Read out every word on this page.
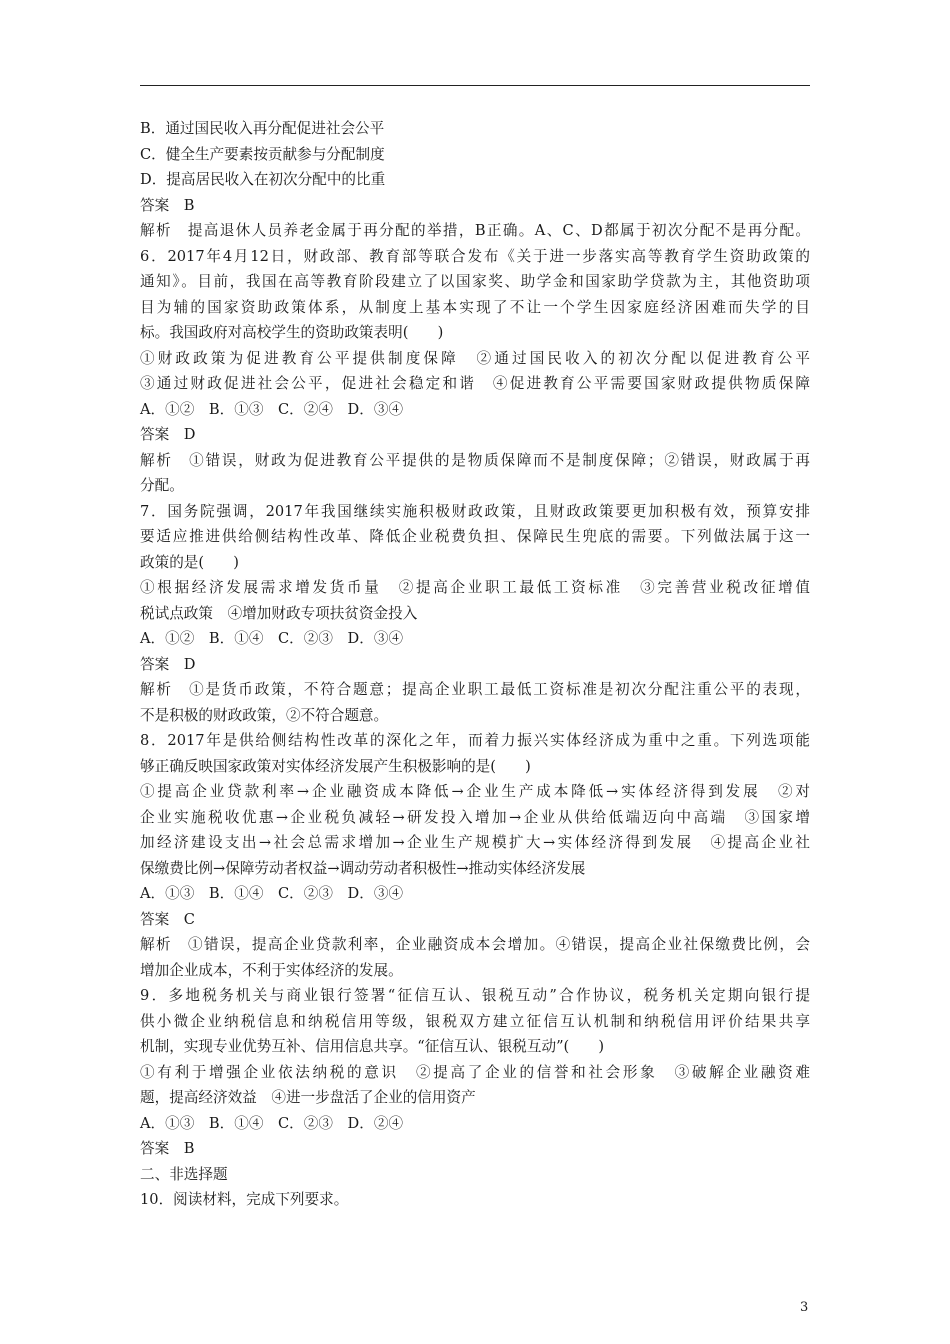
B．通过国民收入再分配促进社会公平
C．健全生产要素按贡献参与分配制度
D．提高居民收入在初次分配中的比重
答案　B
解析　提高退休人员养老金属于再分配的举措，B正确。A、C、D都属于初次分配不是再分配。
6．2017年4月12日，财政部、教育部等联合发布《关于进一步落实高等教育学生资助政策的
通知》。目前，我国在高等教育阶段建立了以国家奖、助学金和国家助学贷款为主，其他资助项
目为辅的国家资助政策体系，从制度上基本实现了不让一个学生因家庭经济困难而失学的目
标。我国政府对高校学生的资助政策表明(　　)
①财政政策为促进教育公平提供制度保障　②通过国民收入的初次分配以促进教育公平
③通过财政促进社会公平，促进社会稳定和谐　④促进教育公平需要国家财政提供物质保障
A．①②　B．①③　C．②④　D．③④
答案　D
解析　①错误，财政为促进教育公平提供的是物质保障而不是制度保障；②错误，财政属于再
分配。
7．国务院强调，2017年我国继续实施积极财政政策，且财政政策要更加积极有效，预算安排
要适应推进供给侧结构性改革、降低企业税费负担、保障民生兜底的需要。下列做法属于这一
政策的是(　　)
①根据经济发展需求增发货币量　②提高企业职工最低工资标准　③完善营业税改征增值
税试点政策　④增加财政专项扶贫资金投入
A．①②　B．①④　C．②③　D．③④
答案　D
解析　①是货币政策，不符合题意；提高企业职工最低工资标准是初次分配注重公平的表现，
不是积极的财政政策，②不符合题意。
8．2017年是供给侧结构性改革的深化之年，而着力振兴实体经济成为重中之重。下列选项能
够正确反映国家政策对实体经济发展产生积极影响的是(　　)
①提高企业贷款利率→企业融资成本降低→企业生产成本降低→实体经济得到发展　②对
企业实施税收优惠→企业税负减轻→研发投入增加→企业从供给低端迈向中高端　③国家增
加经济建设支出→社会总需求增加→企业生产规模扩大→实体经济得到发展　④提高企业社
保缴费比例→保障劳动者权益→调动劳动者积极性→推动实体经济发展
A．①③　B．①④　C．②③　D．③④
答案　C
解析　①错误，提高企业贷款利率，企业融资成本会增加。④错误，提高企业社保缴费比例，会
增加企业成本，不利于实体经济的发展。
9．多地税务机关与商业银行签署“征信互认、银税互动”合作协议，税务机关定期向银行提
供小微企业纳税信息和纳税信用等级，银税双方建立征信互认机制和纳税信用评价结果共享
机制，实现专业优势互补、信用信息共享。“征信互认、银税互动”(　　)
①有利于增强企业依法纳税的意识　②提高了企业的信誉和社会形象　③破解企业融资难
题，提高经济效益　④进一步盘活了企业的信用资产
A．①③　B．①④　C．②③　D．②④
答案　B
二、非选择题
10．阅读材料，完成下列要求。
3
